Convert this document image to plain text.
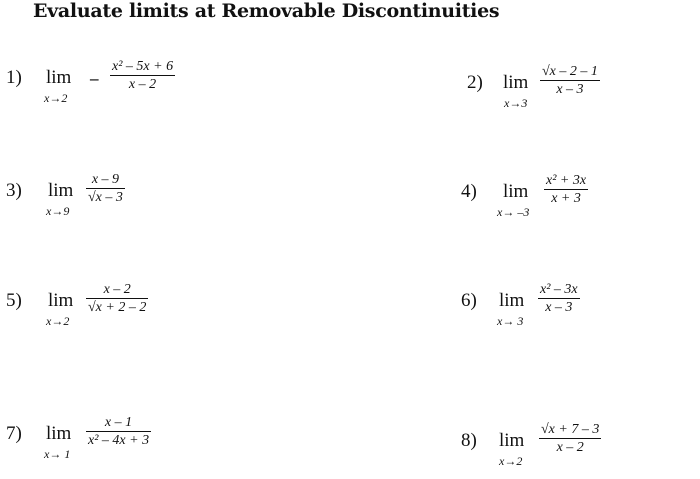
Evaluate limits at Removable Discontinuities
1) lim
x→2
–
x² – 5x + 6
x – 2	2) lim
x→3
√x – 2 – 1
x – 3
3) lim
x→9
x – 9
√x – 3	4) lim
x→ –3
x² + 3x
x + 3
5) lim
x→2
x – 2
√x + 2 – 2	6) lim
x→ 3
x² – 3x
x – 3
7) lim
x→ 1
x – 1
x² – 4x + 3	8) lim
x→2
√x + 7 – 3
x – 2
